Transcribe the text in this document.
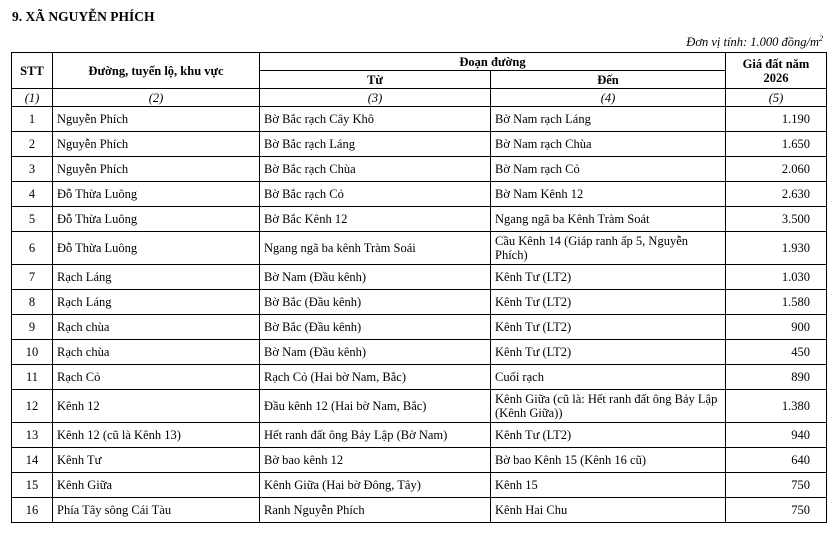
9. XÃ NGUYỄN PHÍCH
Đơn vị tính: 1.000 đồng/$m^2$
STT	Đường, tuyến lộ, khu vực	Đoạn đường		Giá đất năm 2026
		Từ	Đến	
(1)	(2)	(3)	(4)	(5)
1	Nguyễn Phích	Bờ Bắc rạch Cây Khô	Bờ Nam rạch Láng	1.190
2	Nguyễn Phích	Bờ Bắc rạch Láng	Bờ Nam rạch Chùa	1.650
3	Nguyễn Phích	Bờ Bắc rạch Chùa	Bờ Nam rạch Cỏ	2.060
4	Đỗ Thừa Luông	Bờ Bắc rạch Cỏ	Bờ Nam Kênh 12	2.630
5	Đỗ Thừa Luông	Bờ Bắc Kênh 12	Ngang ngã ba Kênh Tràm Soát	3.500
6	Đỗ Thừa Luông	Ngang ngã ba kênh Tràm Soái	Cầu Kênh 14 (Giáp ranh ấp 5, Nguyễn Phích)	1.930
7	Rạch Láng	Bờ Nam (Đầu kênh)	Kênh Tư (LT2)	1.030
8	Rạch Láng	Bờ Bắc (Đầu kênh)	Kênh Tư (LT2)	1.580
9	Rạch chùa	Bờ Bắc (Đầu kênh)	Kênh Tư (LT2)	900
10	Rạch chùa	Bờ Nam (Đầu kênh)	Kênh Tư (LT2)	450
11	Rạch Cỏ	Rạch Cỏ (Hai bờ Nam, Bắc)	Cuối rạch	890
12	Kênh 12	Đầu kênh 12 (Hai bờ Nam, Bắc)	Kênh Giữa (cũ là: Hết ranh đất ông Bảy Lập (Kênh Giữa))	1.380
13	Kênh 12 (cũ là Kênh 13)	Hết ranh đất ông Bảy Lập (Bờ Nam)	Kênh Tư (LT2)	940
14	Kênh Tư	Bờ bao kênh 12	Bờ bao Kênh 15 (Kênh 16 cũ)	640
15	Kênh Giữa	Kênh Giữa (Hai bờ Đông, Tây)	Kênh 15	750
16	Phía Tây sông Cái Tàu	Ranh Nguyễn Phích	Kênh Hai Chu	750
